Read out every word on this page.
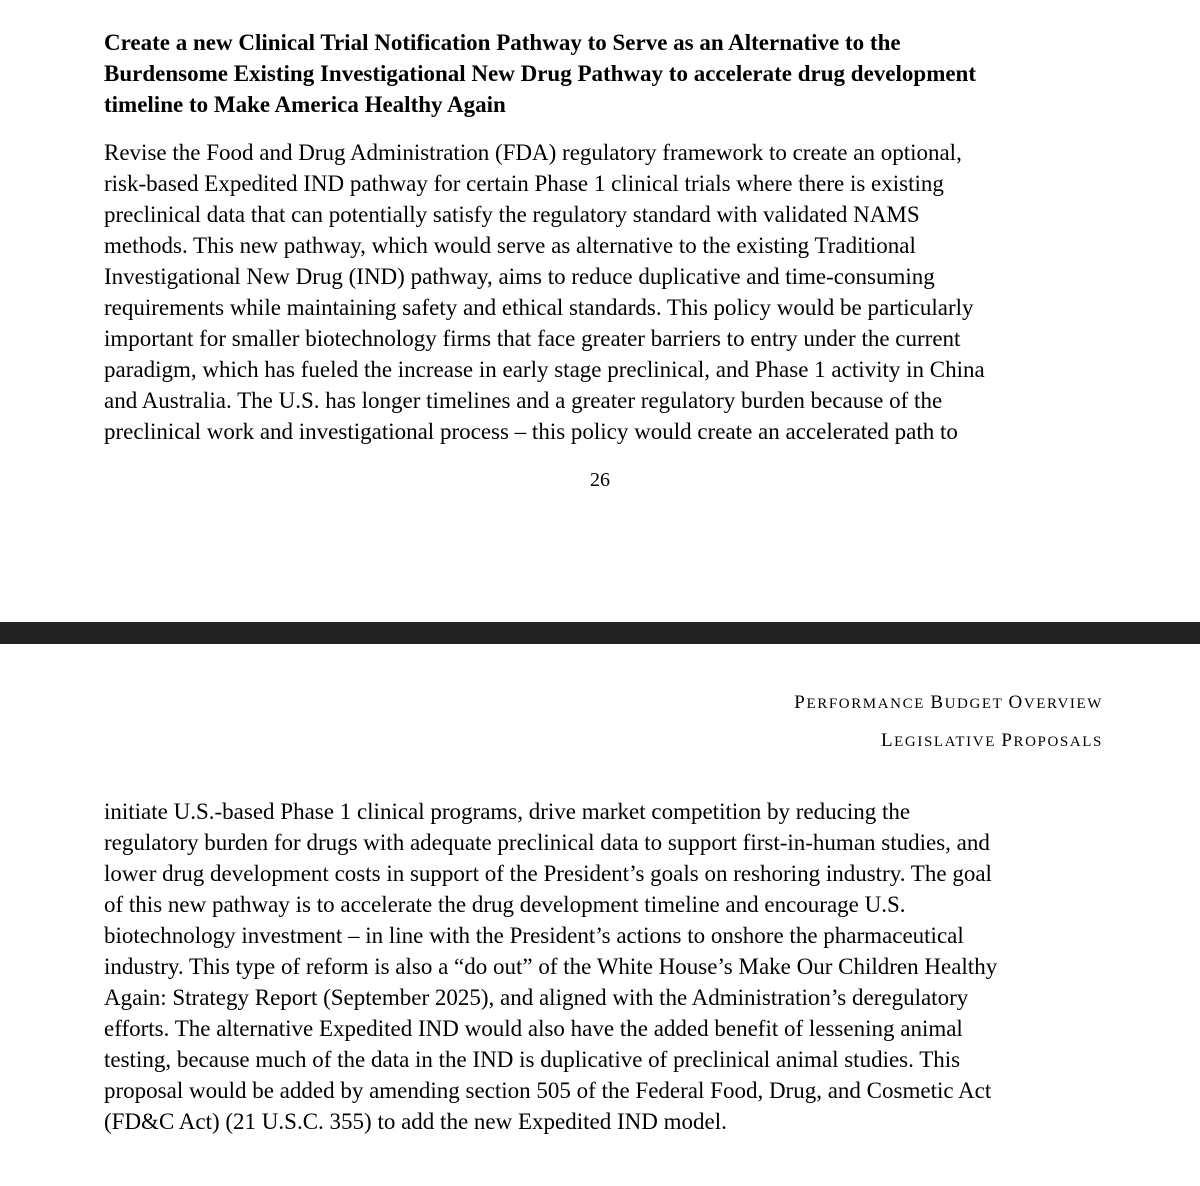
Create a new Clinical Trial Notification Pathway to Serve as an Alternative to the
Burdensome Existing Investigational New Drug Pathway to accelerate drug development
timeline to Make America Healthy Again
Revise the Food and Drug Administration (FDA) regulatory framework to create an optional,
risk-based Expedited IND pathway for certain Phase 1 clinical trials where there is existing
preclinical data that can potentially satisfy the regulatory standard with validated NAMS
methods. This new pathway, which would serve as alternative to the existing Traditional
Investigational New Drug (IND) pathway, aims to reduce duplicative and time-consuming
requirements while maintaining safety and ethical standards. This policy would be particularly
important for smaller biotechnology firms that face greater barriers to entry under the current
paradigm, which has fueled the increase in early stage preclinical, and Phase 1 activity in China
and Australia. The U.S. has longer timelines and a greater regulatory burden because of the
preclinical work and investigational process – this policy would create an accelerated path to
26
PERFORMANCE BUDGET OVERVIEW
LEGISLATIVE PROPOSALS
initiate U.S.-based Phase 1 clinical programs, drive market competition by reducing the
regulatory burden for drugs with adequate preclinical data to support first-in-human studies, and
lower drug development costs in support of the President’s goals on reshoring industry. The goal
of this new pathway is to accelerate the drug development timeline and encourage U.S.
biotechnology investment – in line with the President’s actions to onshore the pharmaceutical
industry. This type of reform is also a “do out” of the White House’s Make Our Children Healthy
Again: Strategy Report (September 2025), and aligned with the Administration’s deregulatory
efforts. The alternative Expedited IND would also have the added benefit of lessening animal
testing, because much of the data in the IND is duplicative of preclinical animal studies. This
proposal would be added by amending section 505 of the Federal Food, Drug, and Cosmetic Act
(FD&C Act) (21 U.S.C. 355) to add the new Expedited IND model.
